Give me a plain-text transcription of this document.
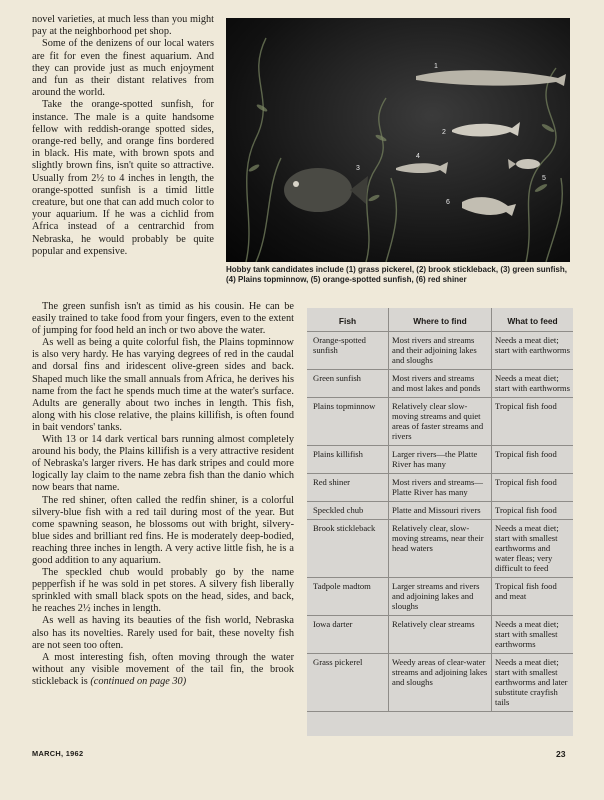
novel varieties, at much less than you might pay at the neighborhood pet shop.

Some of the denizens of our local waters are fit for even the finest aquarium. And they can provide just as much enjoyment and fun as their distant relatives from around the world.

Take the orange-spotted sunfish, for instance. The male is a quite handsome fellow with reddish-orange spotted sides, orange-red belly, and orange fins bordered in black. His mate, with brown spots and slightly brown fins, isn't quite so attractive. Usually from 2½ to 4 inches in length, the orange-spotted sunfish is a timid little creature, but one that can add much color to your aquarium. If he was a cichlid from Africa instead of a centrarchid from Nebraska, he would probably be quite popular and expensive.

1
2
3
4
5
6
Hobby tank candidates include (1) grass pickerel, (2) brook stickleback, (3) green sunfish, (4) Plains topminnow, (5) orange-spotted sunfish, (6) red shiner

The green sunfish isn't as timid as his cousin. He can be easily trained to take food from your fingers, even to the extent of jumping for food held an inch or two above the water.

As well as being a quite colorful fish, the Plains topminnow is also very hardy. He has varying degrees of red in the caudal and dorsal fins and iridescent olive-green sides and back. Shaped much like the small annuals from Africa, he derives his name from the fact he spends much time at the water's surface. Adults are generally about two inches in length. This fish, along with his close relative, the plains killifish, is often found in bait vendors' tanks.

With 13 or 14 dark vertical bars running almost completely around his body, the Plains killifish is a very attractive resident of Nebraska's larger rivers. He has dark stripes and could more logically lay claim to the name zebra fish than the danio which now bears that name.

The red shiner, often called the redfin shiner, is a colorful silvery-blue fish with a red tail during most of the year. But come spawning season, he blossoms out with bright, silvery-blue sides and brilliant red fins. He is moderately deep-bodied, reaching three inches in length. A very active little fish, he is a good addition to any aquarium.

The speckled chub would probably go by the name pepperfish if he was sold in pet stores. A silvery fish liberally sprinkled with small black spots on the head, sides, and back, he reaches 2½ inches in length.

As well as having its beauties of the fish world, Nebraska also has its novelties. Rarely used for bait, these novelty fish are not seen too often.

A most interesting fish, often moving through the water without any visible movement of the tail fin, the brook stickleback is (continued on page 30)

Fish	Where to find	What to feed
Orange-spotted sunfish	Most rivers and streams and their adjoining lakes and sloughs	Needs a meat diet; start with earthworms
Green sunfish	Most rivers and streams and most lakes and ponds	Needs a meat diet; start with earthworms
Plains topminnow	Relatively clear slow-moving streams and quiet areas of faster streams and rivers	Tropical fish food
Plains killifish	Larger rivers—the Platte River has many	Tropical fish food
Red shiner	Most rivers and streams—Platte River has many	Tropical fish food
Speckled chub	Platte and Missouri rivers	Tropical fish food
Brook stickleback	Relatively clear, slow-moving streams, near their head waters	Needs a meat diet; start with smallest earthworms and water fleas; very difficult to feed
Tadpole madtom	Larger streams and rivers and adjoining lakes and sloughs	Tropical fish food and meat
Iowa darter	Relatively clear streams	Needs a meat diet; start with smallest earthworms
Grass pickerel	Weedy areas of clear-water streams and adjoining lakes and sloughs	Needs a meat diet; start with smallest earthworms and later substitute crayfish tails
MARCH, 1962	23
